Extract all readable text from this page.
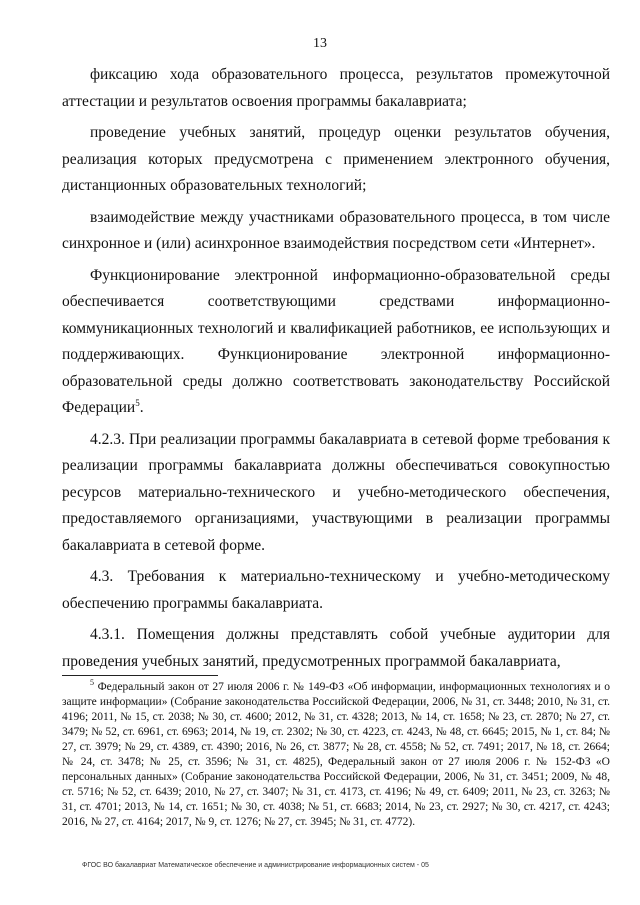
13

фиксацию хода образовательного процесса, результатов промежуточной аттестации и результатов освоения программы бакалавриата;

проведение учебных занятий, процедур оценки результатов обучения, реализация которых предусмотрена с применением электронного обучения, дистанционных образовательных технологий;

взаимодействие между участниками образовательного процесса, в том числе синхронное и (или) асинхронное взаимодействия посредством сети «Интернет».

Функционирование электронной информационно-образовательной среды обеспечивается соответствующими средствами информационно-коммуникационных технологий и квалификацией работников, ее использующих и поддерживающих. Функционирование электронной информационно-образовательной среды должно соответствовать законодательству Российской Федерации$^5$.

4.2.3. При реализации программы бакалавриата в сетевой форме требования к реализации программы бакалавриата должны обеспечиваться совокупностью ресурсов материально-технического и учебно-методического обеспечения, предоставляемого организациями, участвующими в реализации программы бакалавриата в сетевой форме.

4.3. Требования к материально-техническому и учебно-методическому обеспечению программы бакалавриата.

4.3.1. Помещения должны представлять собой учебные аудитории для проведения учебных занятий, предусмотренных программой бакалавриата,

$^5$ Федеральный закон от 27 июля 2006 г. № 149-ФЗ «Об информации, информационных технологиях и о защите информации» (Собрание законодательства Российской Федерации, 2006, № 31, ст. 3448; 2010, № 31, ст. 4196; 2011, № 15, ст. 2038; № 30, ст. 4600; 2012, № 31, ст. 4328; 2013, № 14, ст. 1658; № 23, ст. 2870; № 27, ст. 3479; № 52, ст. 6961, ст. 6963; 2014, № 19, ст. 2302; № 30, ст. 4223, ст. 4243, № 48, ст. 6645; 2015, № 1, ст. 84; № 27, ст. 3979; № 29, ст. 4389, ст. 4390; 2016, № 26, ст. 3877; № 28, ст. 4558; № 52, ст. 7491; 2017, № 18, ст. 2664; № 24, ст. 3478; № 25, ст. 3596; № 31, ст. 4825), Федеральный закон от 27 июля 2006 г. № 152-ФЗ «О персональных данных» (Собрание законодательства Российской Федерации, 2006, № 31, ст. 3451; 2009, № 48, ст. 5716; № 52, ст. 6439; 2010, № 27, ст. 3407; № 31, ст. 4173, ст. 4196; № 49, ст. 6409; 2011, № 23, ст. 3263; № 31, ст. 4701; 2013, № 14, ст. 1651; № 30, ст. 4038; № 51, ст. 6683; 2014, № 23, ст. 2927; № 30, ст. 4217, ст. 4243; 2016, № 27, ст. 4164; 2017, № 9, ст. 1276; № 27, ст. 3945; № 31, ст. 4772).

ФГОС ВО бакалавриат Математическое обеспечение и администрирование информационных систем - 05
